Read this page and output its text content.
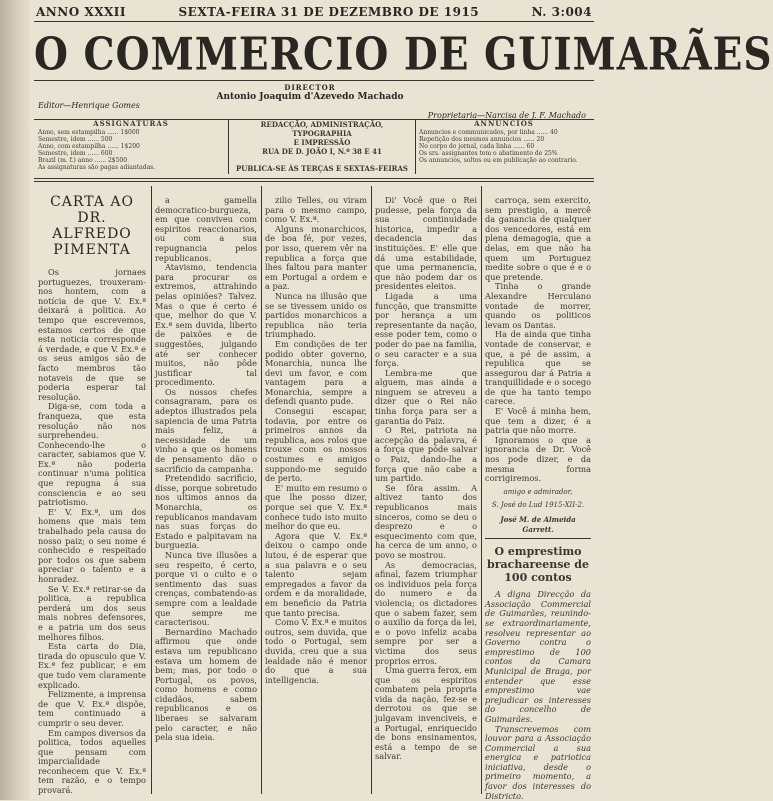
ANNO XXXII	SEXTA-FEIRA 31 DE DEZEMBRO DE 1915	N. 3:004
O COMMERCIO DE GUIMARÃES
DIRECTOR
Antonio Joaquim d'Azevedo Machado
Editor—Henrique Gomes
Proprietaria—Narcisa de J. F. Machado
ASSIGNATURAS
Anno, sem estampilha ...... 1$000
Semestre, idem ...... 500
Anno, com estampilha ...... 1$200
Semestre, idem ...... 600
Brazil (m. f.) anno ...... 2$500
As assignaturas são pagas adiantadas.
REDACÇÃO, ADMINISTRAÇÃO, TYPOGRAPHIA
E IMPRESSÃO
RUA DE D. JOÃO I, N.º 38 E 41
PUBLICA-SE ÁS TERÇAS E SEXTAS-FEIRAS
ANNUNCIOS
Annuncios e communicados, por linha ...... 40
Repetição dos mesmos annuncios ...... 20
No corpo do jornal, cada linha ...... 60
Os srs. assignantes tem o abatimento de 25%
Os annuncios, soltos ou em publicação ao contrario.
CARTA AO DR. ALFREDO PIMENTA

Os jornaes portuguezes, trouxeram-nos hontem, com a notícia de que V. Ex.ª deixará a politica. Ao tempo que escrevemos, estamos certos de que esta noticia corresponde á verdade, e que V. Ex.ª e os seus amigos são de facto membros tão notaveis de que se poderia esperar tal resolução.

Diga-se, com toda a franqueza, que esta resolução não nos surprehendeu. Conhecendo-lhe o caracter, sabiamos que V. Ex.ª não poderia continuar n'uma politica que repugna á sua consciencia e ao seu patriotismo.

E' V. Ex.ª, um dos homens que mais tem trabalhado pela causa do nosso paiz; o seu nome é conhecido e respeitado por todos os que sabem apreciar o talento e a honradez.

Se V. Ex.ª retirar-se da politica, a republica perderá um dos seus mais nobres defensores, e a patria um dos seus melhores filhos.

Esta carta do Dia, tirada do opusculo que V. Ex.ª fez publicar, e em que tudo vem claramente explicado.

Felizmente, a imprensa de que V. Ex.ª dispõe, tem continuado a cumprir o seu dever.

Em campos diversos da politica, todos aquelles que pensam com imparcialidade reconhecem que V. Ex.ª tem razão, e o tempo provará.

a gamella democratico-burgueza, em que conviveu com espiritos reaccionarios, ou com a sua repugnancia pelos republicanos.

Atavismo, tendencia para procurar os extremos, attrahindo pelas opiniões? Talvez. Mas o que é certo é que, melhor do que V. Ex.ª sem duvida, liberto de paixões e de suggestões, julgando até ser conhecer muitos, não pôde justificar tal procedimento.

Os nossos chefes consagraram, para os adeptos illustrados pela sapiencia de uma Patria mais feliz, a necessidade de um vinho a que os homens de pensamento dão o sacrificio da campanha.

Pretendido sacrificio, disse, porque sobretudo nos ultimos annos da Monarchia, os republicanos mandavam nas suas forças do Estado e palpitavam na burguezia.

Nunca tive illusões a seu respeito, é certo, porque vi o culto e o sentimento das suas crenças, combatendo-as sempre com a lealdade que sempre me caracterisou.

Bernardino Machado affirmou que onde estava um republicano estava um homem de bem; mas, por todo o Portugal, os povos, como homens e como cidadãos, sabem republicanos e os liberaes se salvaram pelo caracter, e não pela sua ideia.

zilio Telles, ou viram para o mesmo campo, como V. Ex.ª.

Alguns monarchicos, de boa fé, por vezes, por isso, querem vêr na republica a força que lhes faltou para manter em Portugal a ordem e a paz.

Nunca na illusão que se se tivessem unido os partidos monarchicos a republica não teria triumphado.

Em condições de ter podido obter governo, Monarchia, nunca lhe devi um favor, e com vantagem para a Monarchia, sempre a defendi quanto pude.

Consegui escapar, todavia, por entre os primeiros annos da republica, aos rolos que trouxe com os nossos costumes e amigos suppondo-me seguido de perto.

E' muito em resumo o que lhe posso dizer, porque sei que V. Ex.ª conhece tudo isto muito melhor do que eu.

Agora que V. Ex.ª deixou o campo onde lutou, é de esperar que a sua palavra e o seu talento sejam empregados a favor da ordem e da moralidade, em beneficio da Patria que tanto precisa.

Como V. Ex.ª e muitos outros, sem duvida, que todo o Portugal, sem duvida, creu que a sua lealdade não é menor do que a sua intelligencia.

Di' Você que o Rei pudesse, pela força da sua continuidade historica, impedir a decadencia das instituições. E' elle que dá uma estabilidade, que uma permanencia, que não podem dar os presidentes eleitos.

Ligada a uma funcção, que transmitte por herança a um representante da nação, esse poder tem, como o poder do pae na familia, o seu caracter e a sua força.

Lembra-me que alguem, mas ainda a ninguem se atreveu a dizer que o Rei não tinha força para ser a garantia do Paiz.

O Rei, patriota na accepção da palavra, é a força que póde salvar o Paiz, dando-lhe a força que não cabe a um partido.

Se fôra assim. A altivez tanto dos republicanos mais sinceros, como se deu o desprezo e o esquecimento com que, ha cerca de um anno, o povo se mostrou.

As democracias, afinal, fazem triumphar os individuos pela força do numero e da violencia; os dictadores que o sabem fazer, sem o auxilio da força da lei, e o povo infeliz acaba sempre por ser a victima dos seus proprios erros.

Uma guerra ferox, em que os espiritos combatem pela propria vida da nação, fez-se e derrotou os que se julgavam invenciveis, e a Portugal, enriquecido de bons ensinamentos, está a tempo de se salvar.

carroça, sem exercito, sem prestigio, a mercê da ganancia de qualquer dos vencedores, está em plena demagogia, que a delas, em que não ha quem um Portuguez medite sobre o que é e o que pretende.

Tinha o grande Alexandre Herculano vontade de morrer, quando os politicos levam os Dantas.

Ha de ainda que tinha vontade de conservar, e que, a pé de assim, a republica que se assegurou dar á Patria a tranquillidade e o socego de que ha tanto tempo carece.

E' Você á minha bem, que tem a dizer, é a patria que não morre.

Ignoramos o que a ignorancia de Dr. Você nos pode dizer, e da mesma forma corrigiremos.

amigo e admirador,
S. José do Lud 1915-XII-2.
José M. de Almeida Garrett.
O emprestimo brachareense de 100 contos

A digna Direcção da Associação Commercial de Guimarães, reunindo-se extraordinariamente, resolveu representar ao Governo contra o emprestimo de 100 contos da Camara Municipal de Braga, por entender que esse emprestimo vae prejudicar os interesses do concelho de Guimarães.

Transcrevemos com louvor para a Associação Commercial a sua energica e patriotica iniciativa, desde o primeiro momento, a favor dos interesses do Districto.
